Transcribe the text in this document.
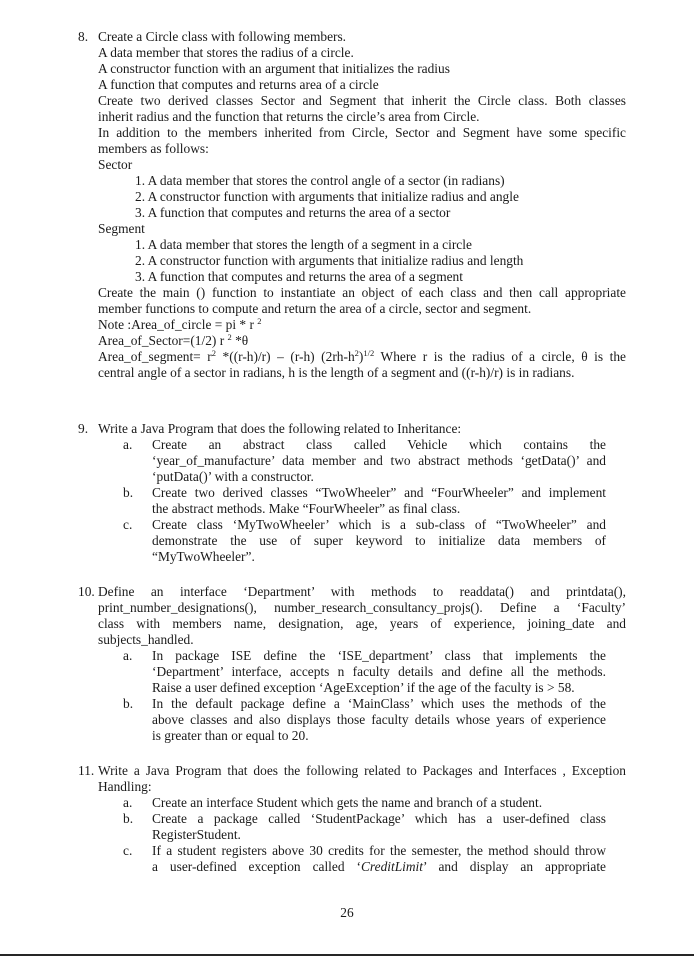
8. Create a Circle class with following members.
A data member that stores the radius of a circle.
A constructor function with an argument that initializes the radius
A function that computes and returns area of a circle
Create two derived classes Sector and Segment that inherit the Circle class. Both classes
inherit radius and the function that returns the circle’s area from Circle.
In addition to the members inherited from Circle, Sector and Segment have some specific
members as follows:
Sector
1. A data member that stores the control angle of a sector (in radians)
2. A constructor function with arguments that initialize radius and angle
3. A function that computes and returns the area of a sector
Segment
1. A data member that stores the length of a segment in a circle
2. A constructor function with arguments that initialize radius and length
3. A function that computes and returns the area of a segment
Create the main () function to instantiate an object of each class and then call appropriate
member functions to compute and return the area of a circle, sector and segment.
Note :Area_of_circle = pi * r $^2$
Area_of_Sector=(1/2) r $^2$ *θ
Area_of_segment= $r^2$ *((r-h)/r) – (r-h) $(2rh-h^2)^{1/2}$ Where r is the radius of a circle, θ is the
central angle of a sector in radians, h is the length of a segment and ((r-h)/r) is in radians.
9. Write a Java Program that does the following related to Inheritance:
a. Create an abstract class called Vehicle which contains the
‘year_of_manufacture’ data member and two abstract methods ‘getData()’ and
‘putData()’ with a constructor.
b. Create two derived classes “TwoWheeler” and “FourWheeler” and implement
the abstract methods. Make “FourWheeler” as final class.
c. Create class ‘MyTwoWheeler’ which is a sub-class of “TwoWheeler” and
demonstrate the use of super keyword to initialize data members of
“MyTwoWheeler”.
10. Define an interface ‘Department’ with methods to readdata() and printdata(),
print_number_designations(), number_research_consultancy_projs(). Define a ‘Faculty’
class with members name, designation, age, years of experience, joining_date and
subjects_handled.
a. In package ISE define the ‘ISE_department’ class that implements the
‘Department’ interface, accepts n faculty details and define all the methods.
Raise a user defined exception ‘AgeException’ if the age of the faculty is > 58.
b. In the default package define a ‘MainClass’ which uses the methods of the
above classes and also displays those faculty details whose years of experience
is greater than or equal to 20.
11. Write a Java Program that does the following related to Packages and Interfaces , Exception
Handling:
a. Create an interface Student which gets the name and branch of a student.
b. Create a package called ‘StudentPackage’ which has a user-defined class
RegisterStudent.
c. If a student registers above 30 credits for the semester, the method should throw
a user-defined exception called ‘CreditLimit’ and display an appropriate
26
